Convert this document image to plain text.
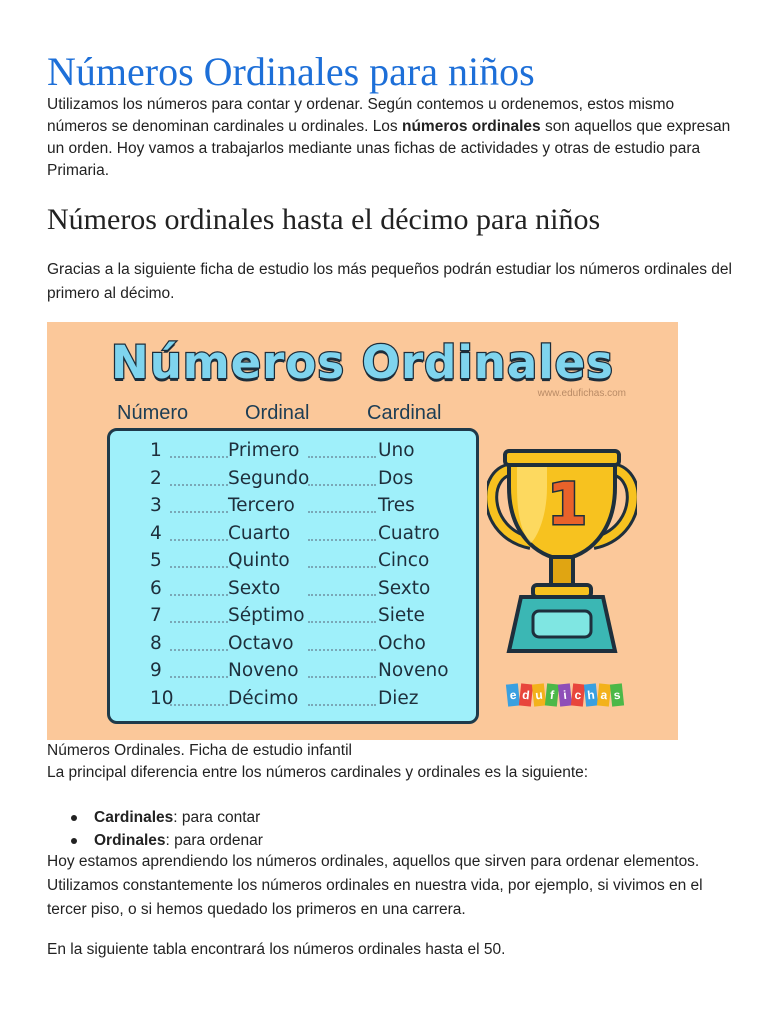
Números Ordinales para niños

Utilizamos los números para contar y ordenar. Según contemos u ordenemos, estos mismo números se denominan cardinales u ordinales. Los números ordinales son aquellos que expresan un orden. Hoy vamos a trabajarlos mediante unas fichas de actividades y otras de estudio para Primaria.

Números ordinales hasta el décimo para niños

Gracias a la siguiente ficha de estudio los más pequeños podrán estudiar los números ordinales del primero al décimo.

Números Ordinales
www.edufichas.com
Número	Ordinal	Cardinal
1	Primero	Uno
2	Segundo	Dos
3	Tercero	Tres
4	Cuarto	Cuatro
5	Quinto	Cinco
6	Sexto	Sexto
7	Séptimo	Siete
8	Octavo	Ocho
9	Noveno	Noveno
10	Décimo	Diez
1
e d u f i c h a s

Números Ordinales. Ficha de estudio infantil

La principal diferencia entre los números cardinales y ordinales es la siguiente:

Cardinales: para contar
Ordinales: para ordenar

Hoy estamos aprendiendo los números ordinales, aquellos que sirven para ordenar elementos. Utilizamos constantemente los números ordinales en nuestra vida, por ejemplo, si vivimos en el tercer piso, o si hemos quedado los primeros en una carrera.

En la siguiente tabla encontrará los números ordinales hasta el 50.
